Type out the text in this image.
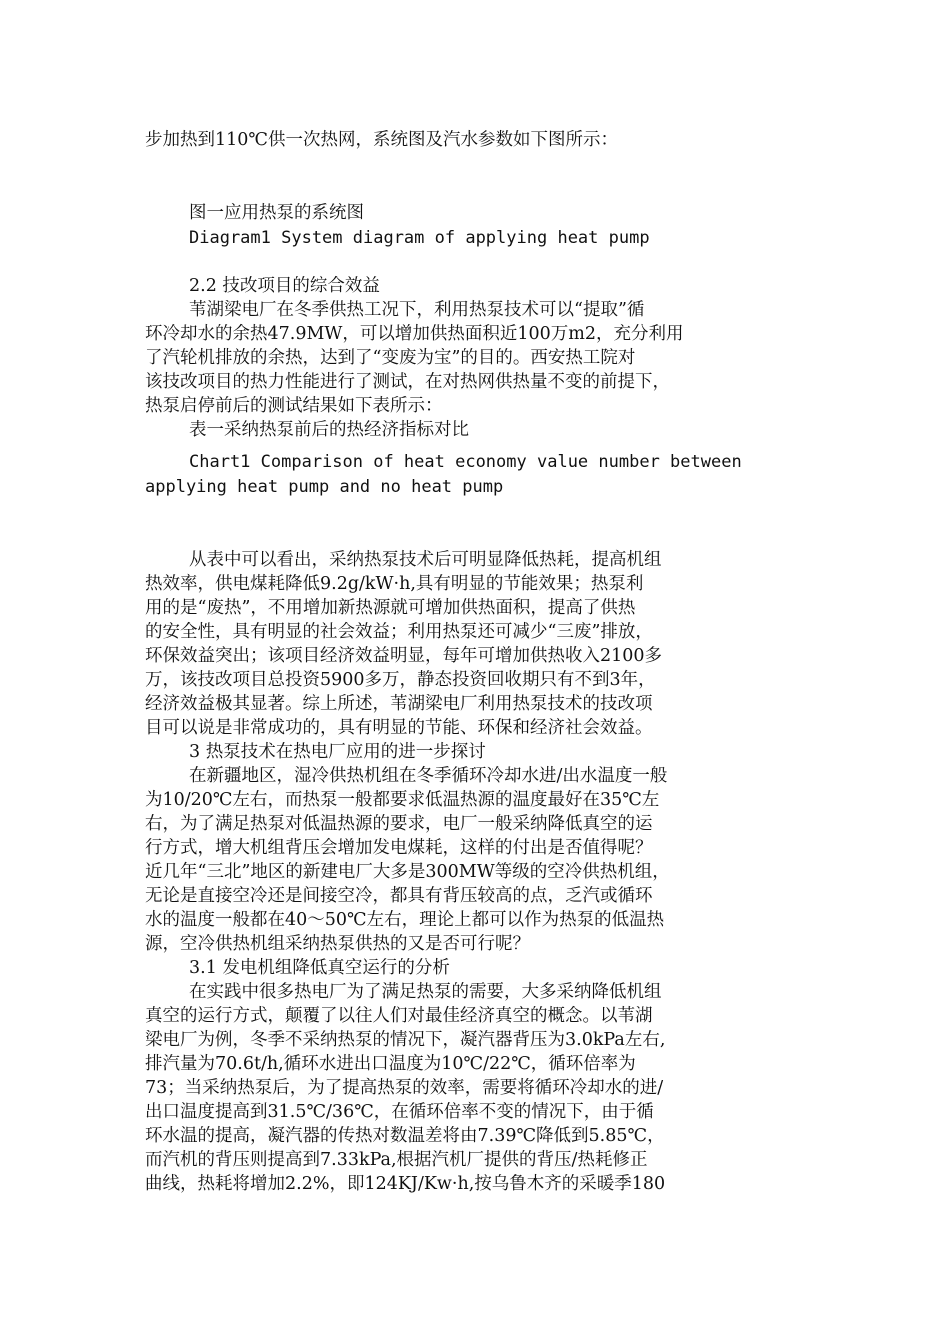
步加热到110℃供一次热网，系统图及汽水参数如下图所示：
图一应用热泵的系统图
Diagram1 System diagram of applying heat pump
2.2 技改项目的综合效益
苇湖梁电厂在冬季供热工况下，利用热泵技术可以“提取”循
环冷却水的余热47.9MW，可以增加供热面积近100万m2，充分利用
了汽轮机排放的余热，达到了“变废为宝”的目的。西安热工院对
该技改项目的热力性能进行了测试，在对热网供热量不变的前提下，
热泵启停前后的测试结果如下表所示：
表一采纳热泵前后的热经济指标对比
Chart1 Comparison of heat economy value number between
applying heat pump and no heat pump
从表中可以看出，采纳热泵技术后可明显降低热耗，提高机组
热效率，供电煤耗降低9.2g/kW·h,具有明显的节能效果；热泵利
用的是“废热”，不用增加新热源就可增加供热面积，提高了供热
的安全性，具有明显的社会效益；利用热泵还可减少“三废”排放，
环保效益突出；该项目经济效益明显，每年可增加供热收入2100多
万，该技改项目总投资5900多万，静态投资回收期只有不到3年，
经济效益极其显著。综上所述，苇湖梁电厂利用热泵技术的技改项
目可以说是非常成功的，具有明显的节能、环保和经济社会效益。
3 热泵技术在热电厂应用的进一步探讨
在新疆地区，湿冷供热机组在冬季循环冷却水进/出水温度一般
为10/20℃左右，而热泵一般都要求低温热源的温度最好在35℃左
右，为了满足热泵对低温热源的要求，电厂一般采纳降低真空的运
行方式，增大机组背压会增加发电煤耗，这样的付出是否值得呢？
近几年“三北”地区的新建电厂大多是300MW等级的空冷供热机组，
无论是直接空冷还是间接空冷，都具有背压较高的点，乏汽或循环
水的温度一般都在40～50℃左右，理论上都可以作为热泵的低温热
源，空冷供热机组采纳热泵供热的又是否可行呢？
3.1 发电机组降低真空运行的分析
在实践中很多热电厂为了满足热泵的需要，大多采纳降低机组
真空的运行方式，颠覆了以往人们对最佳经济真空的概念。以苇湖
梁电厂为例，冬季不采纳热泵的情况下，凝汽器背压为3.0kPa左右,
排汽量为70.6t/h,循环水进出口温度为10℃/22℃，循环倍率为
73；当采纳热泵后，为了提高热泵的效率，需要将循环冷却水的进/
出口温度提高到31.5℃/36℃，在循环倍率不变的情况下，由于循
环水温的提高，凝汽器的传热对数温差将由7.39℃降低到5.85℃，
而汽机的背压则提高到7.33kPa,根据汽机厂提供的背压/热耗修正
曲线，热耗将增加2.2%，即124KJ/Kw·h,按乌鲁木齐的采暖季180
